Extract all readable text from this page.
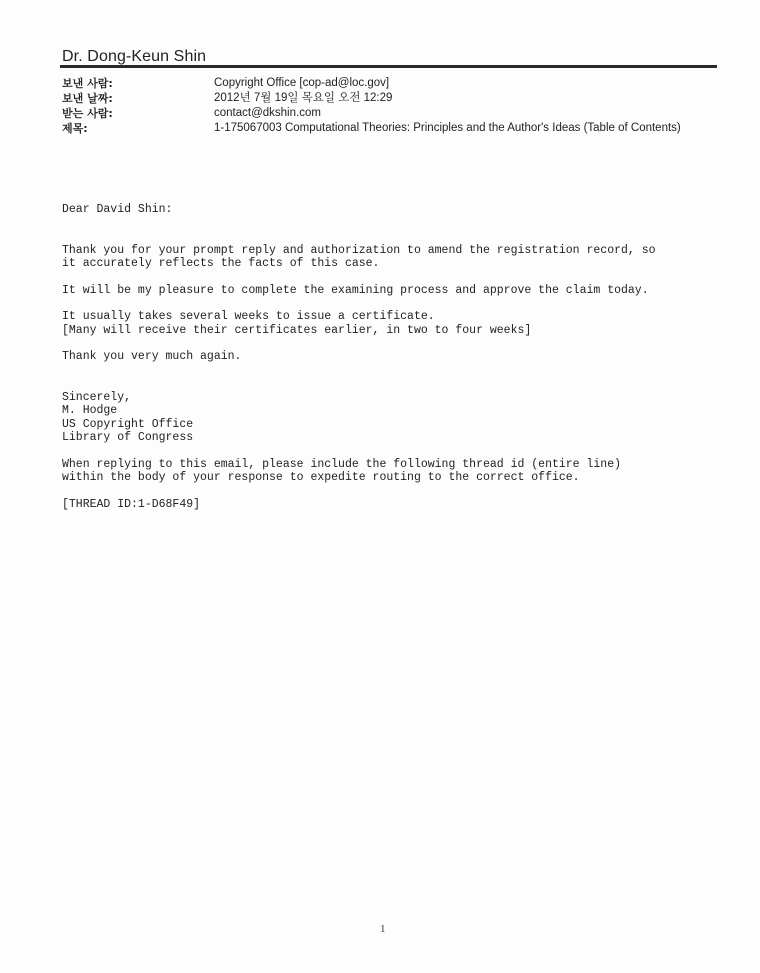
Dr. Dong-Keun Shin
보낸 사람:	Copyright Office [cop-ad@loc.gov]
보낸 날짜:	2012년 7월 19일 목요일 오전 12:29
받는 사람:	contact@dkshin.com
제목:	1-175067003 Computational Theories: Principles and the Author's Ideas (Table of Contents)

Dear David Shin:

Thank you for your prompt reply and authorization to amend the registration record, so
it accurately reflects the facts of this case.

It will be my pleasure to complete the examining process and approve the claim today.

It usually takes several weeks to issue a certificate.
[Many will receive their certificates earlier, in two to four weeks]

Thank you very much again.

Sincerely,
M. Hodge
US Copyright Office
Library of Congress

When replying to this email, please include the following thread id (entire line)
within the body of your response to expedite routing to the correct office.

[THREAD ID:1-D68F49]

1
